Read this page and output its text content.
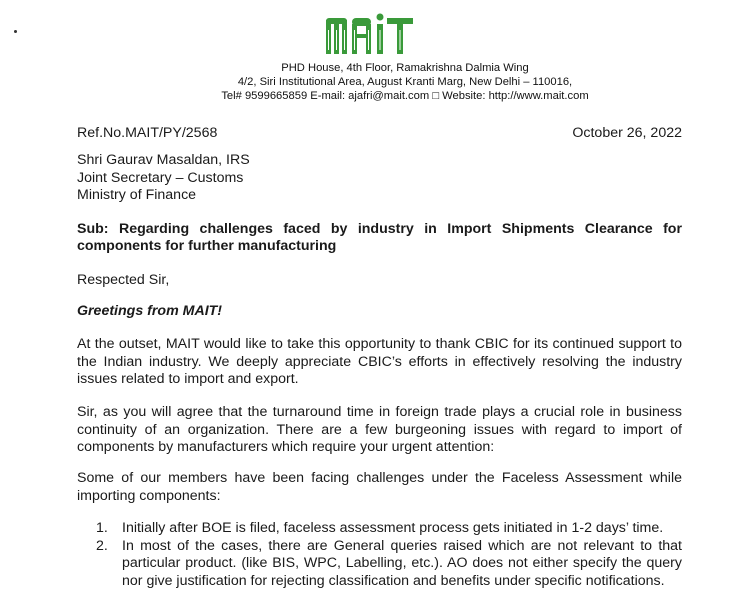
PHD House, 4th Floor, Ramakrishna Dalmia Wing
4/2, Siri Institutional Area, August Kranti Marg, New Delhi – 110016,
Tel# 9599665859 E-mail: ajafri@mait.com □ Website: http://www.mait.com
Ref.No.MAIT/PY/2568	October 26, 2022
Shri Gaurav Masaldan, IRS
Joint Secretary – Customs
Ministry of Finance
Sub: Regarding challenges faced by industry in Import Shipments Clearance for components for further manufacturing
Respected Sir,
Greetings from MAIT!
At the outset, MAIT would like to take this opportunity to thank CBIC for its continued support to the Indian industry. We deeply appreciate CBIC’s efforts in effectively resolving the industry issues related to import and export.
Sir, as you will agree that the turnaround time in foreign trade plays a crucial role in business continuity of an organization. There are a few burgeoning issues with regard to import of components by manufacturers which require your urgent attention:
Some of our members have been facing challenges under the Faceless Assessment while importing components:
1. Initially after BOE is filed, faceless assessment process gets initiated in 1-2 days’ time.
2. In most of the cases, there are General queries raised which are not relevant to that particular product. (like BIS, WPC, Labelling, etc.). AO does not either specify the query nor give justification for rejecting classification and benefits under specific notifications.
